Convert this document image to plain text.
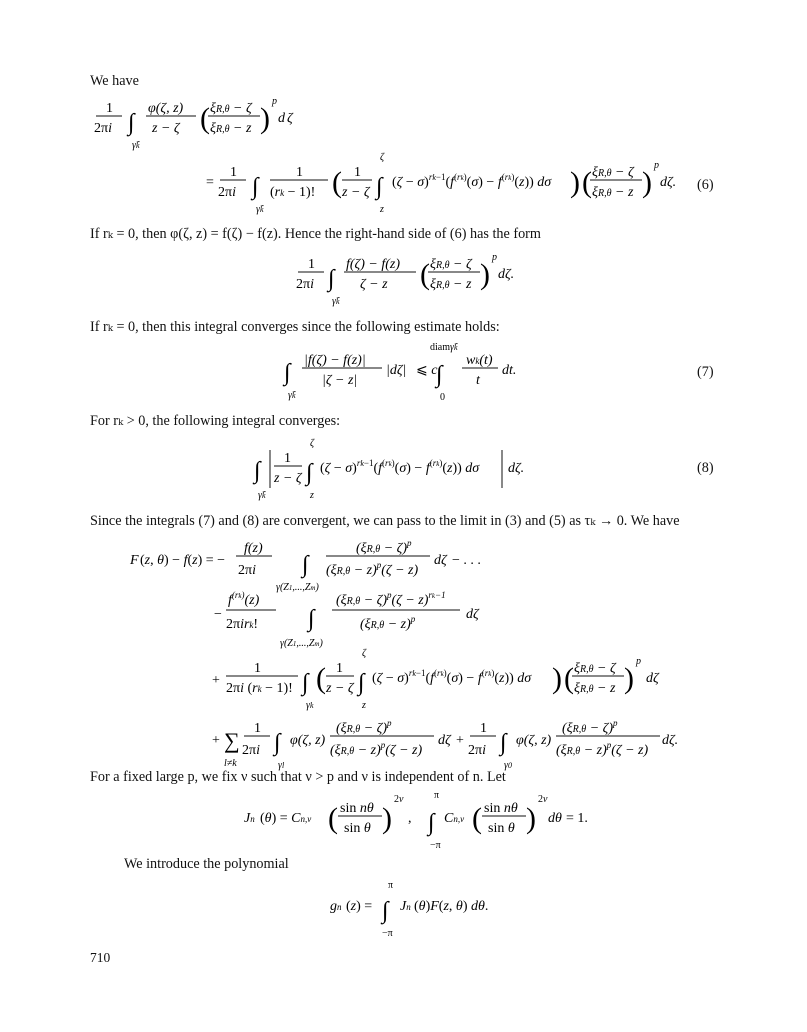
We have
1
2πi ∫
γ̃k
φ(ζ, z)
z − ζ ( ξR,θ − ζ
ξR,θ − z )
p
d ζ
=
1
2πi ∫
γ̃k
1
(rk − 1)! ( 1
z − ζ
ζ
∫
z
$(\zeta - \sigma)^rk-1(f^{(rk)}(\sigma) - f^{(rk)}(z))$ dσ ) ( ξR,θ − ζ
ξR,θ − z )
p
dζ. (6)
If rₖ = 0, then φ(ζ, z) = f(ζ) − f(z). Hence the right-hand side of (6) has the form
1
2πi ∫
γ̃k
f(ζ) − f(z)
ζ − z ( ξR,θ − ζ
ξR,θ − z )
p
dζ.
If rₖ = 0, then this integral converges since the following estimate holds:
∫
γ̃k
|f(ζ) − f(z)|
|ζ − z|
|dζ| ⩽ c
diamγ̃k
∫
0
wk(t)
t
dt.	(7)
For rₖ > 0, the following integral converges:
∫
γ̃k
1
z − ζ
ζ
∫
z
$(\zeta - \sigma)^rk-1(f^{(rk)}(\sigma) - f^{(rk)}(z))$ dσ dζ.	(8)
Since the integrals (7) and (8) are convergent, we can pass to the limit in (3) and (5) as τₖ → 0. We have
F (z, θ) − f(z) = −
f(z)
2πi ∫
γ(Z1,...,Zm)
$(\xi R,\theta - \zeta)^p$
$(\xi R,\theta - z)^p(\zeta - z)$
dζ − . . .
−
$f^{(rk)}(z)$
2πirk! ∫
γ(Z1,...,Zm)
$(\xi R,\theta - \zeta)^p(\zeta - z)^rk-1$
$(\xi R,\theta - z)^p$	dζ
+
1
2πi (rk − 1)! ∫
γk
( 1
z − ζ
ζ
∫
z
$(\zeta - \sigma)^rk-1(f^{(rk)}(\sigma) - f^{(rk)}(z))$ dσ ) ( ξR,θ − ζ
ξR,θ − z )
p
dζ
+ ∑
l≠k
1
2πi ∫
γl
φ(ζ, z)
$(\xi R,\theta - \zeta)^p$
$(\xi R,\theta - z)^p(\zeta - z)$
dζ +
1
2πi ∫
γ0
φ(ζ, z)
$(\xi R,\theta - \zeta)^p$
$(\xi R,\theta - z)^p(\zeta - z)$
dζ.
For a fixed large p, we fix ν such that ν > p and ν is independent of n. Let
Jn (θ) = Cn,ν ( sin nθ
sin θ )
2ν
,
π
∫
−π
Cn,ν ( sin nθ
sin θ )
2ν
dθ = 1.
We introduce the polynomial
gn (z) =
π
∫
−π
Jn (θ)F(z, θ) dθ.
710
